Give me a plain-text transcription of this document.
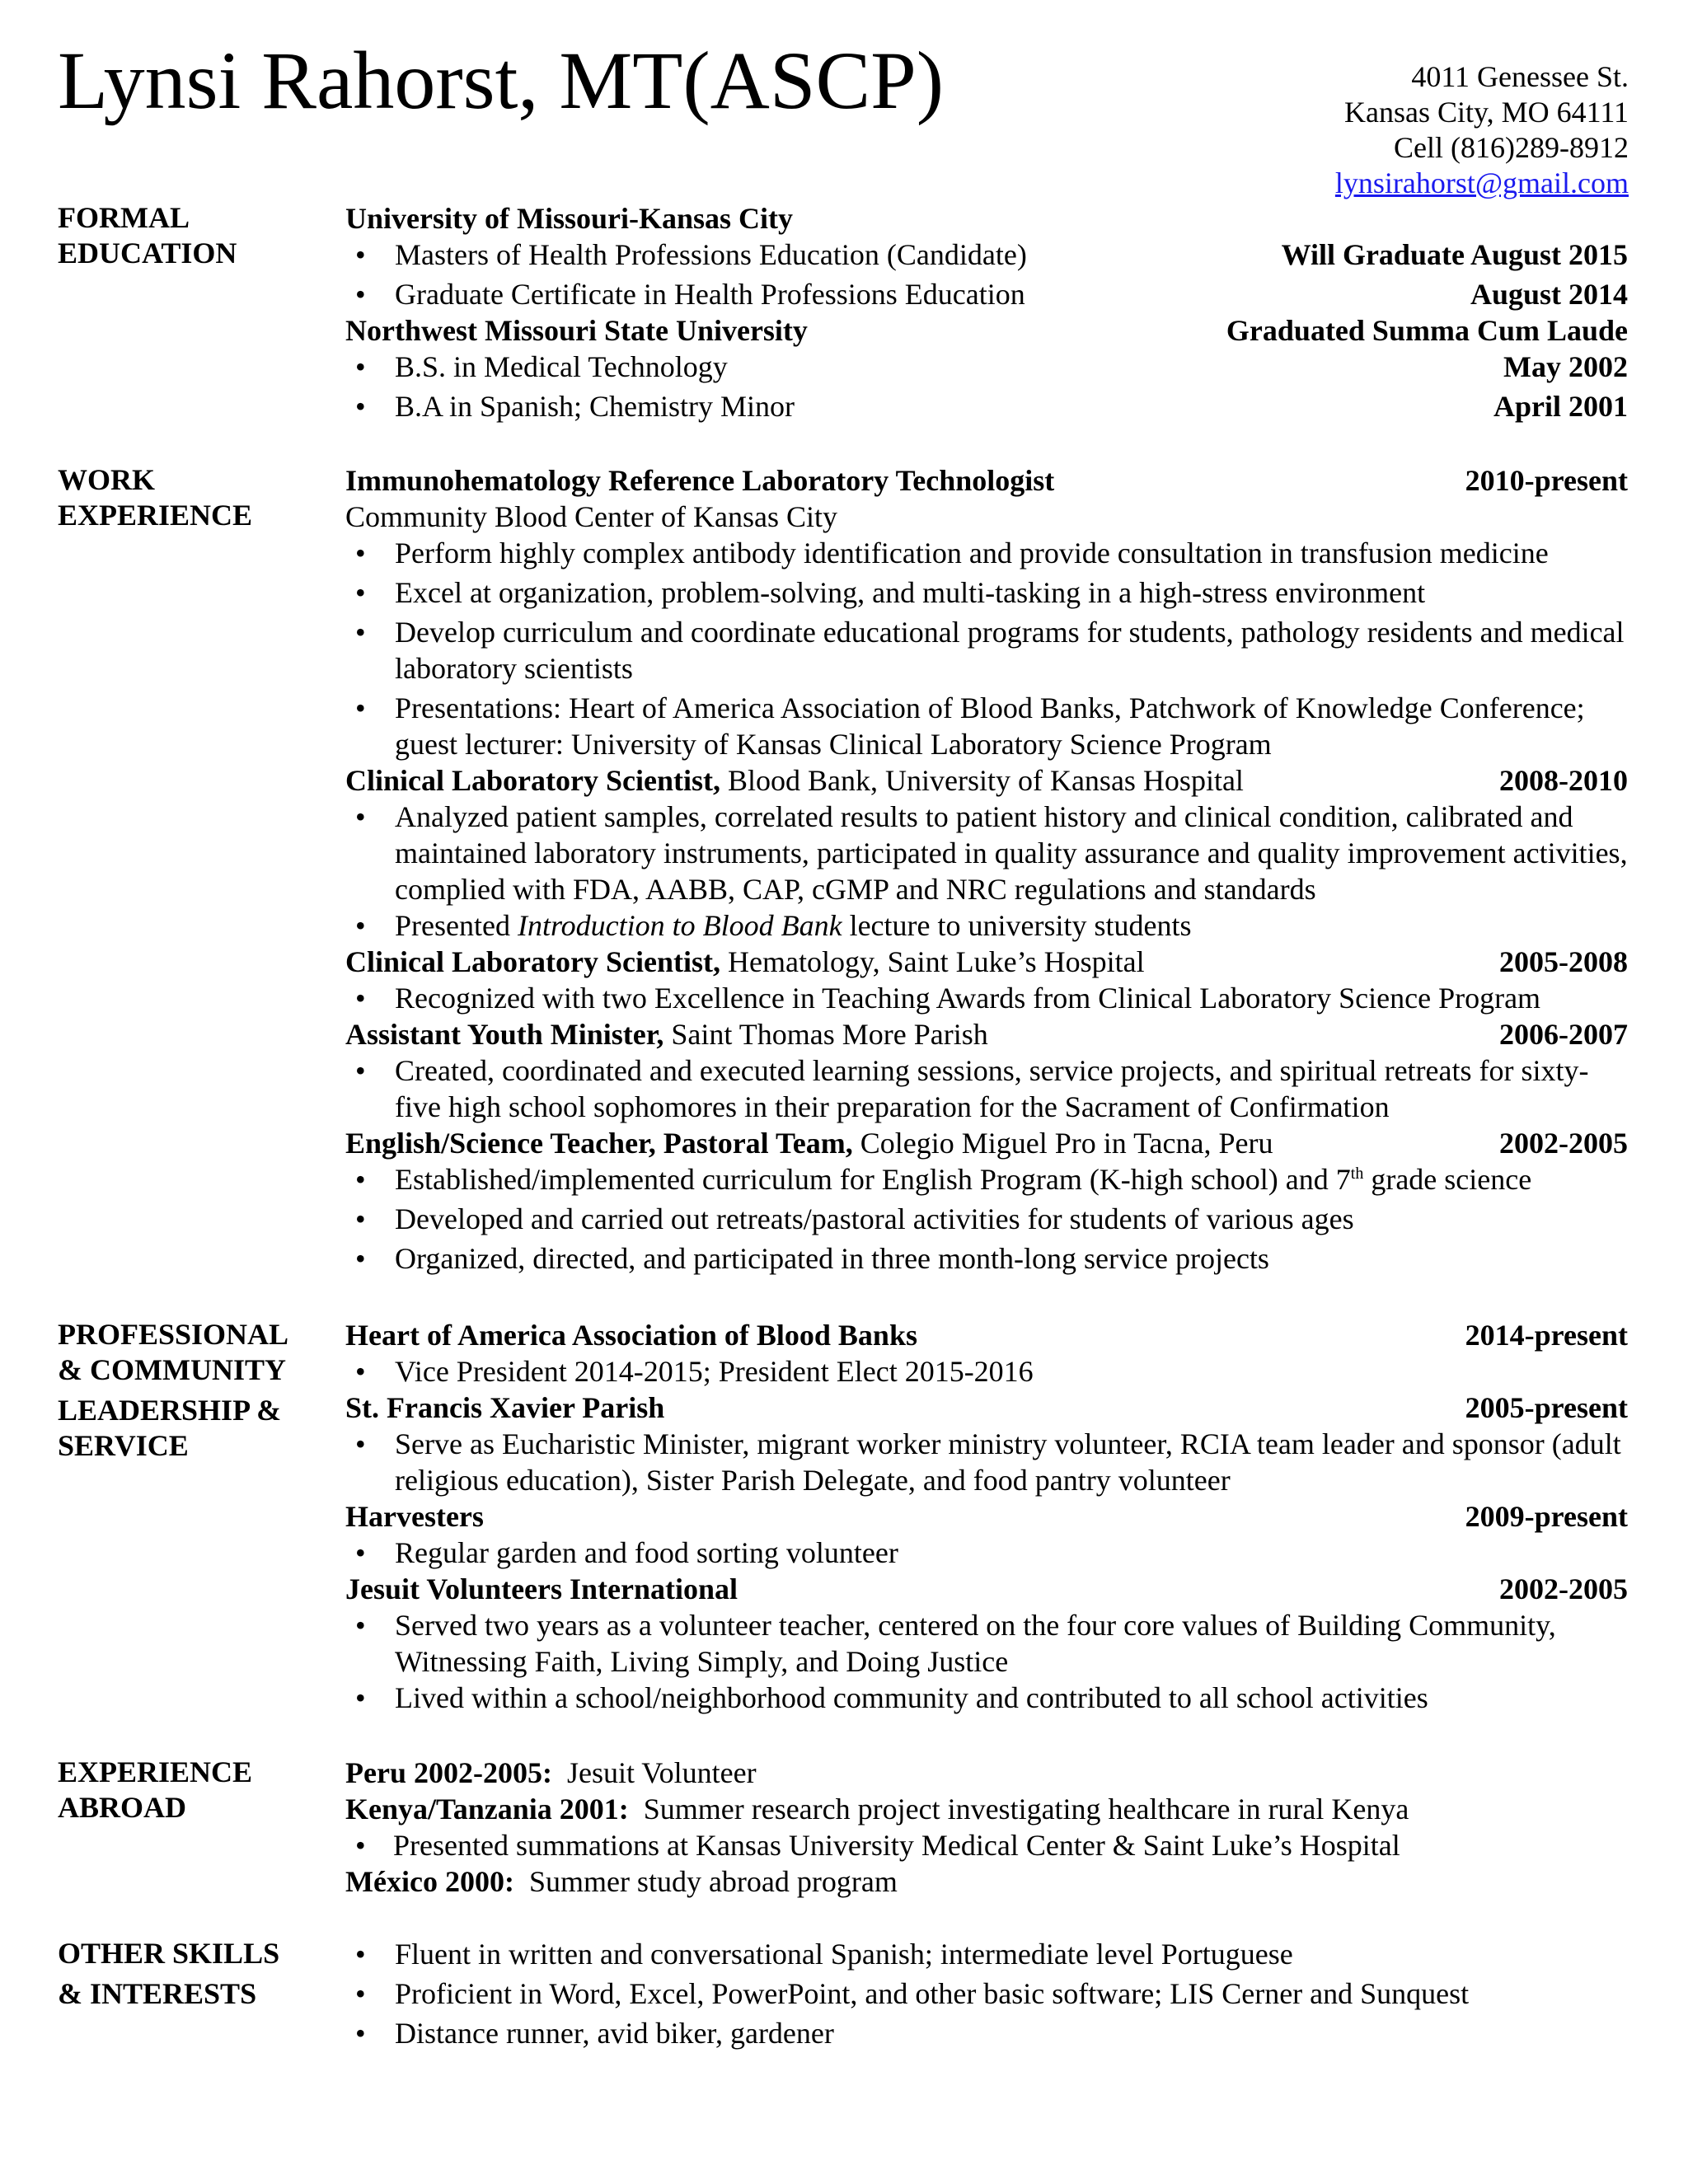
Lynsi Rahorst, MT(ASCP)	4011 Genessee St.
Kansas City, MO 64111
Cell (816)289-8912
lynsirahorst@gmail.com
FORMAL
EDUCATION
University of Missouri-Kansas City
• Masters of Health Professions Education (Candidate)	Will Graduate August 2015
• Graduate Certificate in Health Professions Education	August 2014
Northwest Missouri State University	Graduated Summa Cum Laude
• B.S. in Medical Technology	May 2002
• B.A in Spanish; Chemistry Minor	April 2001
WORK
EXPERIENCE
Immunohematology Reference Laboratory Technologist	2010-present
Community Blood Center of Kansas City
• Perform highly complex antibody identification and provide consultation in transfusion medicine
• Excel at organization, problem-solving, and multi-tasking in a high-stress environment
• Develop curriculum and coordinate educational programs for students, pathology residents and medical laboratory scientists
• Presentations: Heart of America Association of Blood Banks, Patchwork of Knowledge Conference; guest lecturer: University of Kansas Clinical Laboratory Science Program
Clinical Laboratory Scientist, Blood Bank, University of Kansas Hospital	2008-2010
• Analyzed patient samples, correlated results to patient history and clinical condition, calibrated and maintained laboratory instruments, participated in quality assurance and quality improvement activities, complied with FDA, AABB, CAP, cGMP and NRC regulations and standards
• Presented Introduction to Blood Bank lecture to university students
Clinical Laboratory Scientist, Hematology, Saint Luke’s Hospital	2005-2008
• Recognized with two Excellence in Teaching Awards from Clinical Laboratory Science Program
Assistant Youth Minister, Saint Thomas More Parish	2006-2007
• Created, coordinated and executed learning sessions, service projects, and spiritual retreats for sixty-five high school sophomores in their preparation for the Sacrament of Confirmation
English/Science Teacher, Pastoral Team, Colegio Miguel Pro in Tacna, Peru	2002-2005
• Established/implemented curriculum for English Program (K-high school) and 7th grade science
• Developed and carried out retreats/pastoral activities for students of various ages
• Organized, directed, and participated in three month-long service projects
PROFESSIONAL
& COMMUNITY
LEADERSHIP &
SERVICE
Heart of America Association of Blood Banks	2014-present
• Vice President 2014-2015; President Elect 2015-2016
St. Francis Xavier Parish	2005-present
• Serve as Eucharistic Minister, migrant worker ministry volunteer, RCIA team leader and sponsor (adult religious education), Sister Parish Delegate, and food pantry volunteer
Harvesters	2009-present
• Regular garden and food sorting volunteer
Jesuit Volunteers International	2002-2005
• Served two years as a volunteer teacher, centered on the four core values of Building Community, Witnessing Faith, Living Simply, and Doing Justice
• Lived within a school/neighborhood community and contributed to all school activities
EXPERIENCE
ABROAD
Peru 2002-2005:  Jesuit Volunteer
Kenya/Tanzania 2001:  Summer research project investigating healthcare in rural Kenya
• Presented summations at Kansas University Medical Center & Saint Luke’s Hospital
México 2000:  Summer study abroad program
OTHER SKILLS
& INTERESTS
• Fluent in written and conversational Spanish; intermediate level Portuguese
• Proficient in Word, Excel, PowerPoint, and other basic software; LIS Cerner and Sunquest
• Distance runner, avid biker, gardener
